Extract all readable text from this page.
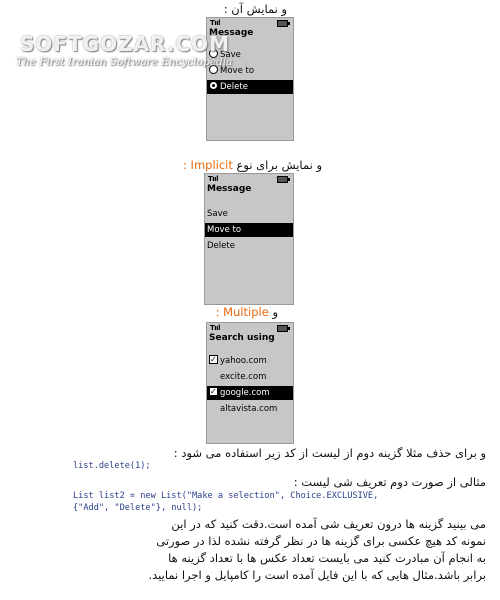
و نمایش آن :
Tııl
Message
Save
Move to
Delete
SOFTGOZAR.COM
The First Iranian Software Encyclopedia
و نمایش برای نوع Implicit :
Tııl
Message
Save
Move to
Delete
و Multiple :
Tııl
Search using
✓yahoo.com
excite.com
✓google.com
altavista.com
و برای حذف مثلا گزینه دوم از لیست از کد زیر استفاده می شود :
list.delete(1);
مثالی از صورت دوم تعریف شی لیست :
List list2 = new List("Make a selection", Choice.EXCLUSIVE,
{"Add", "Delete"}, null);
می بینید گزینه ها درون تعریف شی آمده است.دقت کنید که در این
نمونه کد هیچ عکسی برای گزینه ها در نظر گرفته نشده لذا در صورتی
به انجام آن مبادرت کنید می بایست تعداد عکس ها با تعداد گزینه ها
برابر باشد.مثال هایی که با این فایل آمده است را کامپایل و اجرا نمایید.
